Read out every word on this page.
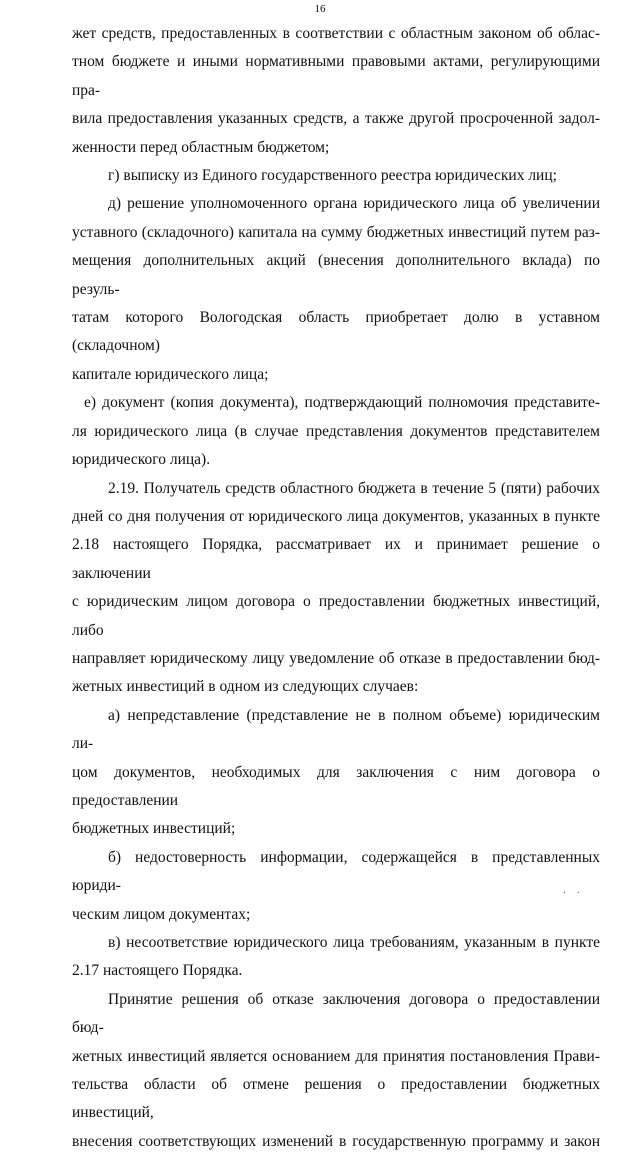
16

жет средств, предоставленных в соответствии с областным законом об облас-

тном бюджете и иными нормативными правовыми актами, регулирующими пра-

вила предоставления указанных средств, а также другой просроченной задол-

женности перед областным бюджетом;

г) выписку из Единого государственного реестра юридических лиц;

д) решение уполномоченного органа юридического лица об увеличении

уставного (складочного) капитала на сумму бюджетных инвестиций путем раз-

мещения дополнительных акций (внесения дополнительного вклада) по резуль-

татам которого Вологодская область приобретает долю в уставном (складочном)

капитале юридического лица;

е) документ (копия документа), подтверждающий полномочия представите-

ля юридического лица (в случае представления документов представителем

юридического лица).

2.19. Получатель средств областного бюджета в течение 5 (пяти) рабочих

дней со дня получения от юридического лица документов, указанных в пункте

2.18 настоящего Порядка, рассматривает их и принимает решение о заключении

с юридическим лицом договора о предоставлении бюджетных инвестиций, либо

направляет юридическому лицу уведомление об отказе в предоставлении бюд-

жетных инвестиций в одном из следующих случаев:

а) непредставление (представление не в полном объеме) юридическим ли-

цом документов, необходимых для заключения с ним договора о предоставлении

бюджетных инвестиций;

б) недостоверность информации, содержащейся в представленных юриди-

ческим лицом документах;

в) несоответствие юридического лица требованиям, указанным в пункте

2.17 настоящего Порядка.

Принятие решения об отказе заключения договора о предоставлении бюд-

жетных инвестиций является основанием для принятия постановления Прави-

тельства области об отмене решения о предоставлении бюджетных инвестиций,

внесения соответствующих изменений в государственную программу и закон

· ·
